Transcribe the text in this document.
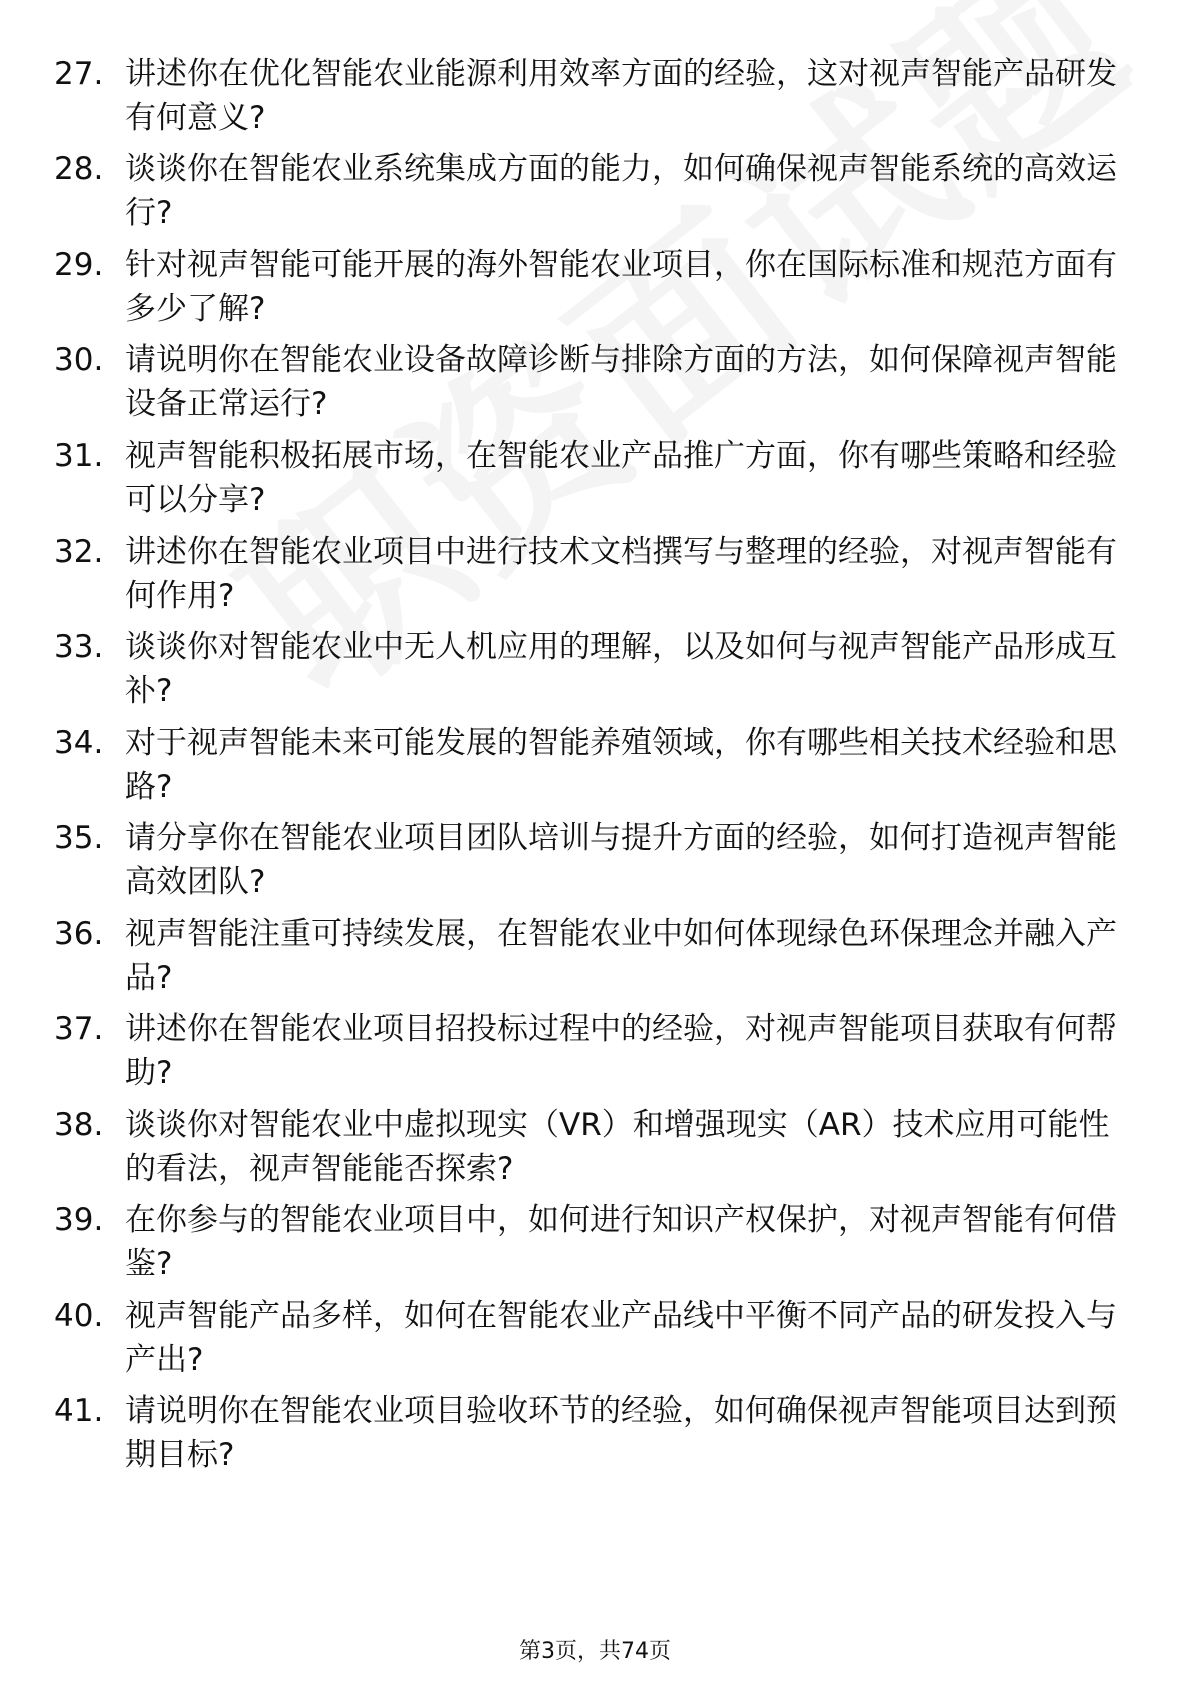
27. 讲述你在优化智能农业能源利用效率方面的经验，这对视声智能产品研发有何意义?
28. 谈谈你在智能农业系统集成方面的能力，如何确保视声智能系统的高效运行?
29. 针对视声智能可能开展的海外智能农业项目，你在国际标准和规范方面有多少了解?
30. 请说明你在智能农业设备故障诊断与排除方面的方法，如何保障视声智能设备正常运行?
31. 视声智能积极拓展市场，在智能农业产品推广方面，你有哪些策略和经验可以分享?
32. 讲述你在智能农业项目中进行技术文档撰写与整理的经验，对视声智能有何作用?
33. 谈谈你对智能农业中无人机应用的理解，以及如何与视声智能产品形成互补?
34. 对于视声智能未来可能发展的智能养殖领域，你有哪些相关技术经验和思路?
35. 请分享你在智能农业项目团队培训与提升方面的经验，如何打造视声智能高效团队?
36. 视声智能注重可持续发展，在智能农业中如何体现绿色环保理念并融入产品?
37. 讲述你在智能农业项目招投标过程中的经验，对视声智能项目获取有何帮助?
38. 谈谈你对智能农业中虚拟现实（VR）和增强现实（AR）技术应用可能性的看法，视声智能能否探索?
39. 在你参与的智能农业项目中，如何进行知识产权保护，对视声智能有何借鉴?
40. 视声智能产品多样，如何在智能农业产品线中平衡不同产品的研发投入与产出?
41. 请说明你在智能农业项目验收环节的经验，如何确保视声智能项目达到预期目标?
第3页，共74页
